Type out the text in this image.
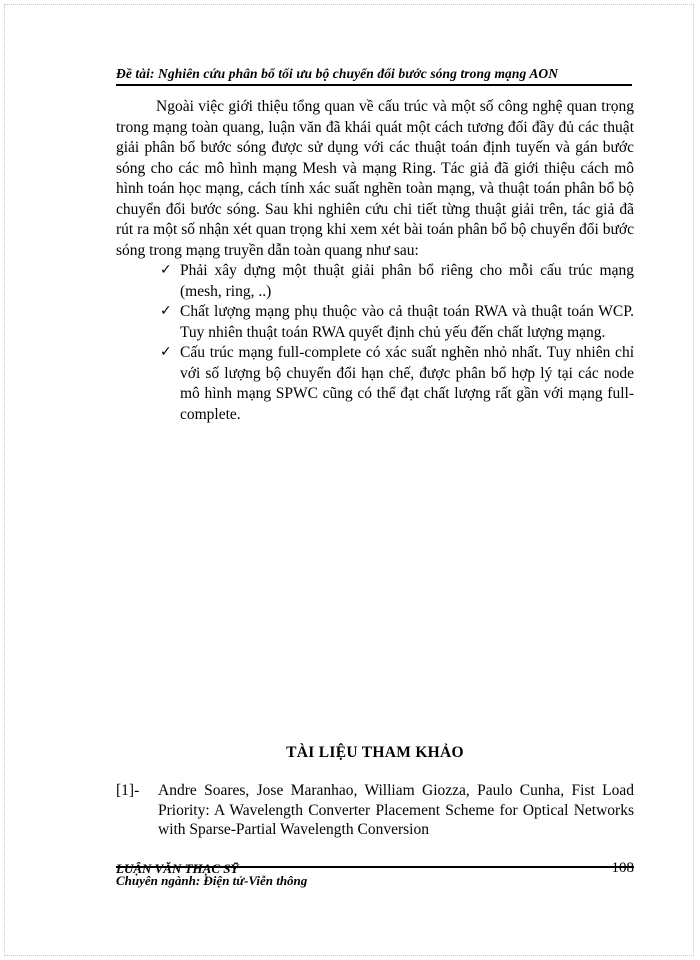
Đề tài: Nghiên cứu phân bổ tối ưu bộ chuyển đổi bước sóng trong mạng AON

Ngoài việc giới thiệu tổng quan về cấu trúc và một số công nghệ quan trọng trong mạng toàn quang, luận văn đã khái quát một cách tương đối đầy đủ các thuật giải phân bổ bước sóng được sử dụng với các thuật toán định tuyến và gán bước sóng cho các mô hình mạng Mesh và mạng Ring. Tác giả đã giới thiệu cách mô hình toán học mạng, cách tính xác suất nghẽn toàn mạng, và thuật toán phân bổ bộ chuyển đổi bước sóng. Sau khi nghiên cứu chi tiết từng thuật giải trên, tác giả đã rút ra một số nhận xét quan trọng khi xem xét bài toán phân bổ bộ chuyển đổi bước sóng trong mạng truyền dẫn toàn quang như sau:

✓ Phải xây dựng một thuật giải phân bổ riêng cho mỗi cấu trúc mạng (mesh, ring, ..)
✓ Chất lượng mạng phụ thuộc vào cả thuật toán RWA và thuật toán WCP. Tuy nhiên thuật toán RWA quyết định chủ yếu đến chất lượng mạng.
✓ Cấu trúc mạng full-complete có xác suất nghẽn nhỏ nhất. Tuy nhiên chỉ với số lượng bộ chuyển đổi hạn chế, được phân bổ hợp lý tại các node mô hình mạng SPWC cũng có thể đạt chất lượng rất gần với mạng full-complete.
TÀI LIỆU THAM KHẢO
[1]- Andre Soares, Jose Maranhao, William Giozza, Paulo Cunha, Fist Load Priority: A Wavelength Converter Placement Scheme for Optical Networks with Sparse-Partial Wavelength Conversion
LUẬN VĂN THẠC SỸ
Chuyên ngành: Điện tử-Viễn thông
108
